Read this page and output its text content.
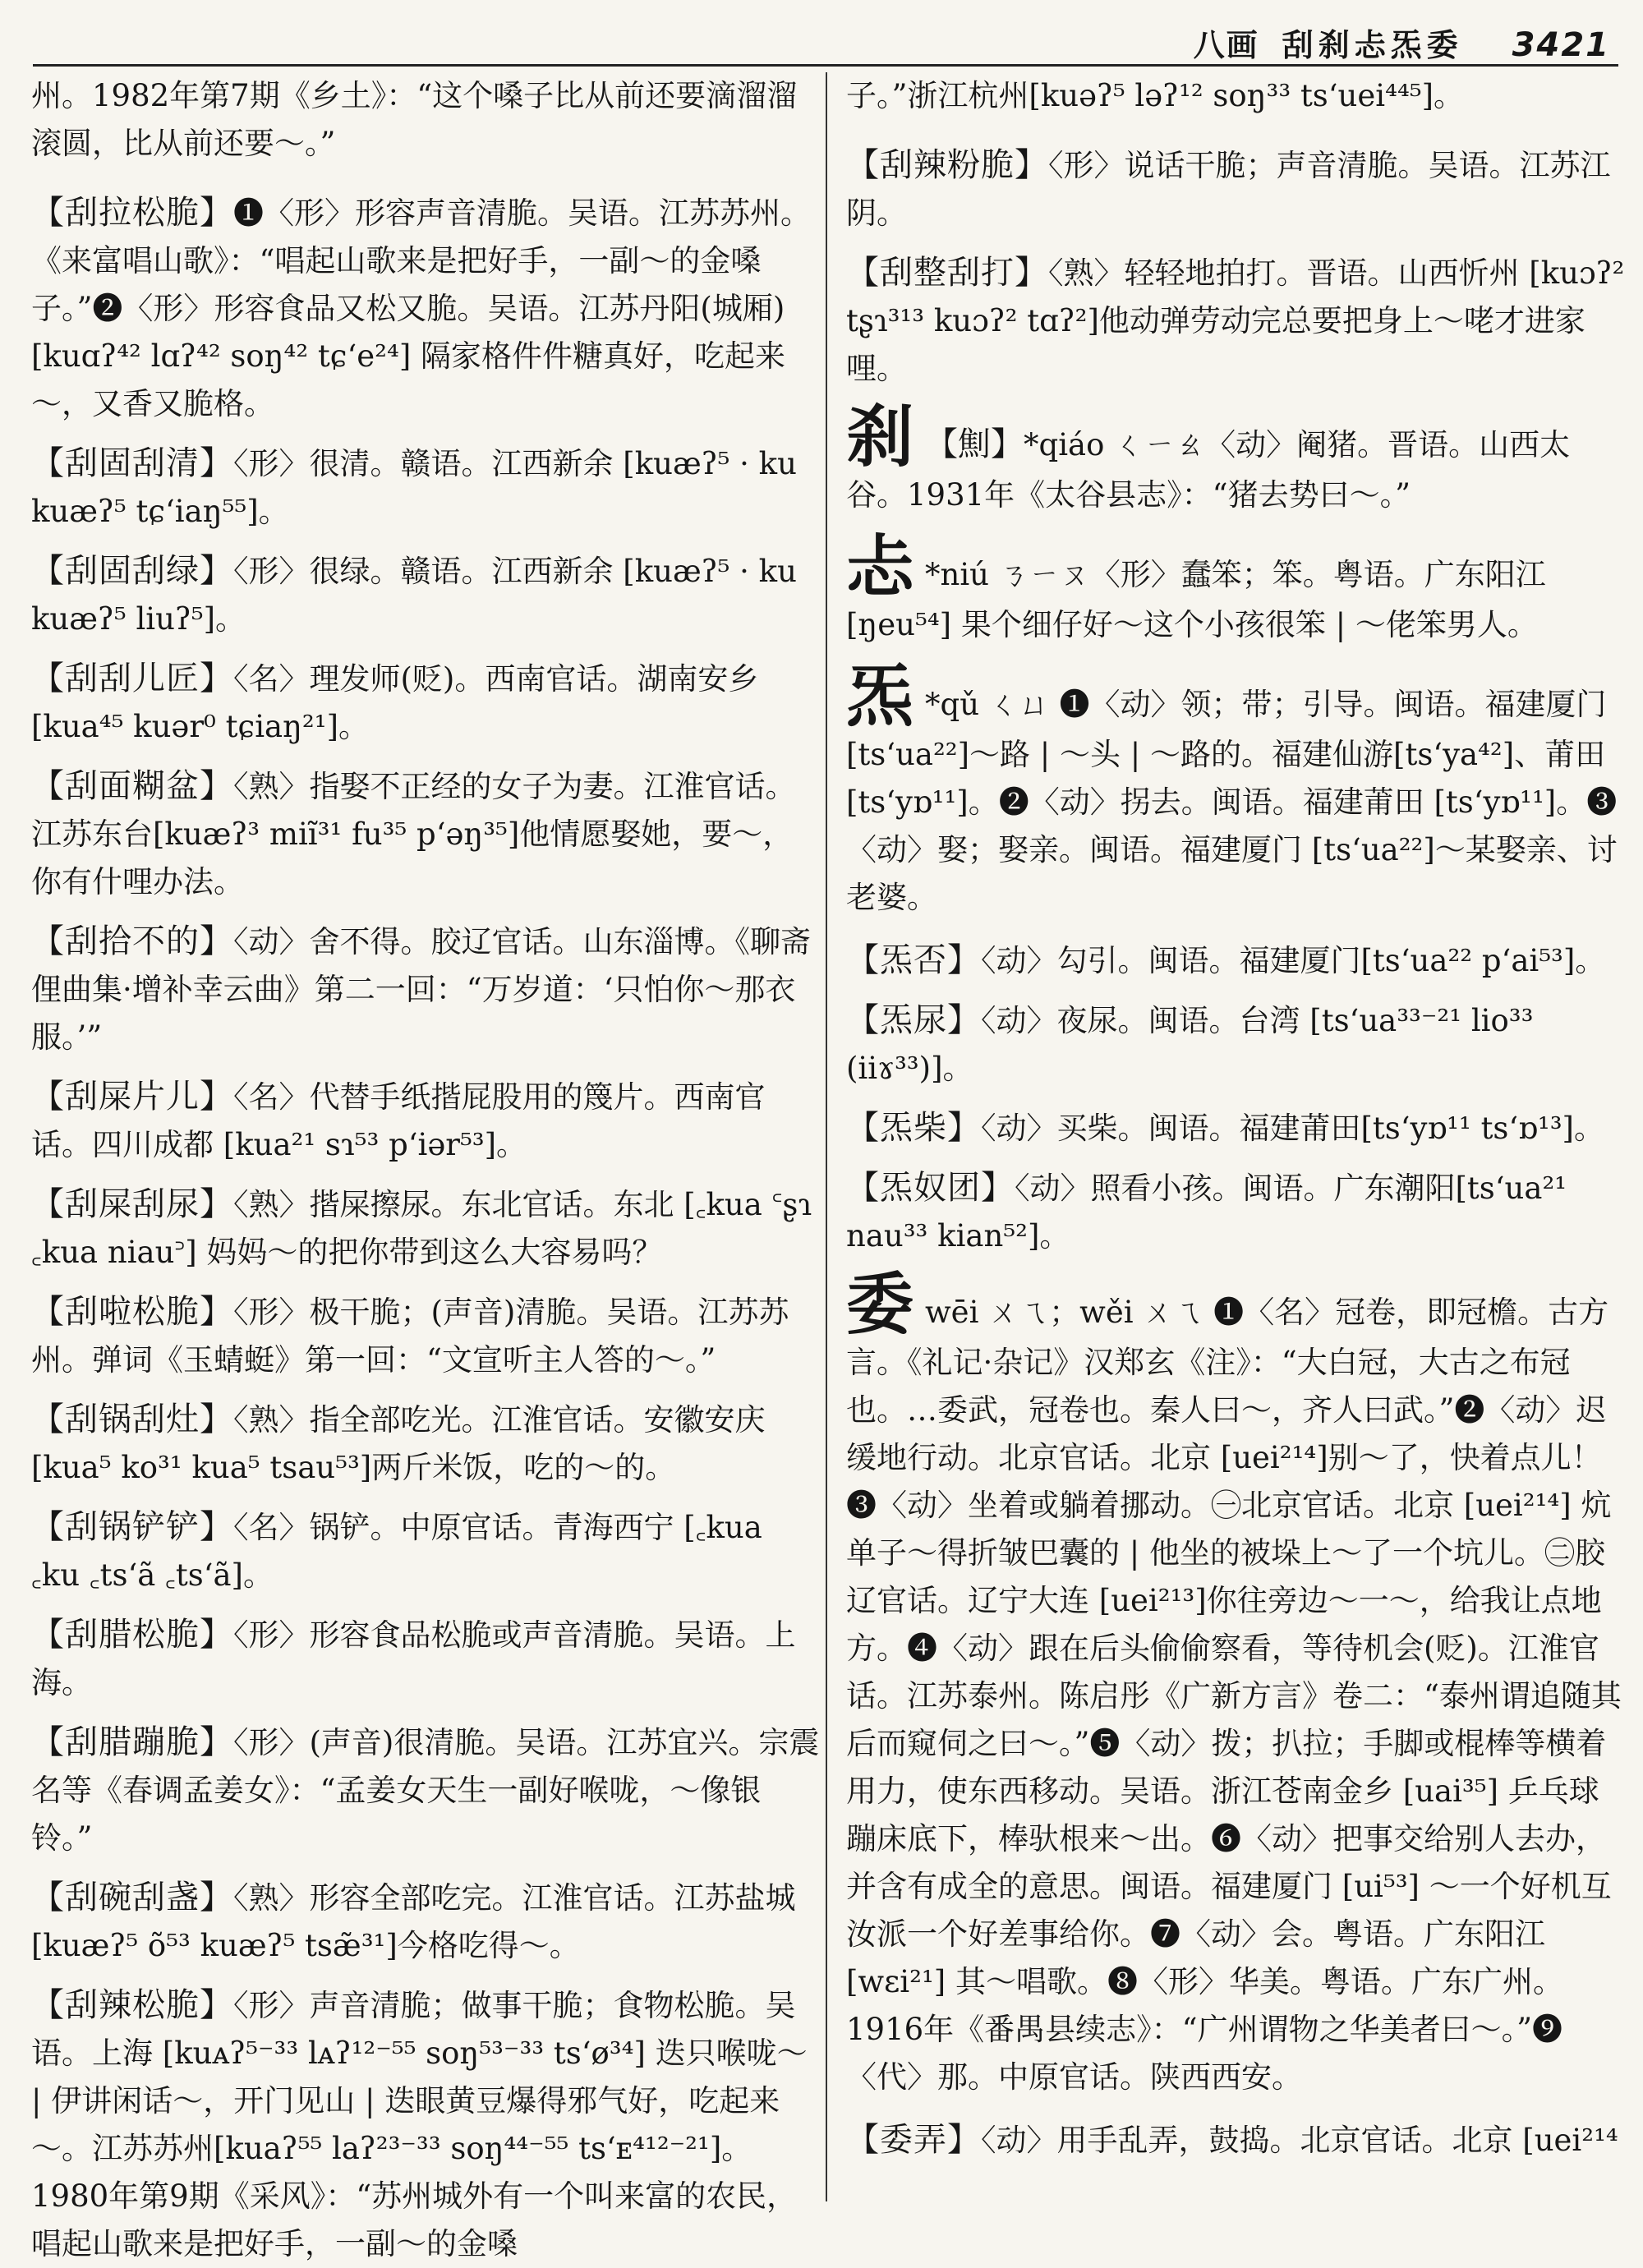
八画 刮刹忐炁委 3421

州。1982年第7期《乡土》：“这个嗓子比从前还要滴溜溜滚圆，比从前还要～。”

【刮拉松脆】❶〈形〉形容声音清脆。吴语。江苏苏州。《来富唱山歌》：“唱起山歌来是把好手，一副～的金嗓子。”❷〈形〉形容食品又松又脆。吴语。江苏丹阳(城厢)[kuɑʔ⁴² lɑʔ⁴² soŋ⁴² tɕʻe²⁴] 隔家格件件糖真好，吃起来～，又香又脆格。

【刮固刮清】〈形〉很清。赣语。江西新余 [kuæʔ⁵ · ku kuæʔ⁵ tɕʻiaŋ⁵⁵]。

【刮固刮绿】〈形〉很绿。赣语。江西新余 [kuæʔ⁵ · ku kuæʔ⁵ liuʔ⁵]。

【刮刮儿匠】〈名〉理发师(贬)。西南官话。湖南安乡[kua⁴⁵ kuər⁰ tɕiaŋ²¹]。

【刮面糊盆】〈熟〉指娶不正经的女子为妻。江淮官话。江苏东台[kuæʔ³ miĩ³¹ fu³⁵ pʻəŋ³⁵]他情愿娶她，要～，你有什哩办法。

【刮拾不的】〈动〉舍不得。胶辽官话。山东淄博。《聊斋俚曲集·增补幸云曲》第二一回：“万岁道：‘只怕你～那衣服。’”

【刮屎片儿】〈名〉代替手纸揩屁股用的篾片。西南官话。四川成都 [kua²¹ sɿ⁵³ pʻiər⁵³]。

【刮屎刮尿】〈熟〉揩屎擦尿。东北官话。东北 [꜀kua ꜂ʂɿ ꜀kua niau꜄] 妈妈～的把你带到这么大容易吗？

【刮啦松脆】〈形〉极干脆；(声音)清脆。吴语。江苏苏州。弹词《玉蜻蜓》第一回：“文宣听主人答的～。”

【刮锅刮灶】〈熟〉指全部吃光。江淮官话。安徽安庆[kua⁵ ko³¹ kua⁵ tsau⁵³]两斤米饭，吃的～的。

【刮锅铲铲】〈名〉锅铲。中原官话。青海西宁 [꜀kua ꜀ku ꜀tsʻã ꜀tsʻã]。

【刮腊松脆】〈形〉形容食品松脆或声音清脆。吴语。上海。

【刮腊蹦脆】〈形〉(声音)很清脆。吴语。江苏宜兴。宗震名等《春调孟姜女》：“孟姜女天生一副好喉咙，～像银铃。”

【刮碗刮盏】〈熟〉形容全部吃完。江淮官话。江苏盐城[kuæʔ⁵ õ⁵³ kuæʔ⁵ tsæ̃³¹]今格吃得～。

【刮辣松脆】〈形〉声音清脆；做事干脆；食物松脆。吴语。上海 [kuᴀʔ⁵⁻³³ lᴀʔ¹²⁻⁵⁵ soŋ⁵³⁻³³ tsʻø³⁴] 迭只喉咙～ | 伊讲闲话～，开门见山 | 迭眼黄豆爆得邪气好，吃起来～。江苏苏州[kuaʔ⁵⁵ laʔ²³⁻³³ soŋ⁴⁴⁻⁵⁵ tsʻᴇ⁴¹²⁻²¹]。1980年第9期《采风》：“苏州城外有一个叫来富的农民，唱起山歌来是把好手，一副～的金嗓

子。”浙江杭州[kuəʔ⁵ ləʔ¹² soŋ³³ tsʻuei⁴⁴⁵]。

【刮辣粉脆】〈形〉说话干脆；声音清脆。吴语。江苏江阴。

【刮整刮打】〈熟〉轻轻地拍打。晋语。山西忻州 [kuɔʔ² tʂɿ³¹³ kuɔʔ² tɑʔ²]他动弹劳动完总要把身上～咾才进家哩。

刹 【劁】*qiáo ㄑㄧㄠ〈动〉阉猪。晋语。山西太谷。1931年《太谷县志》：“猪去势曰～。”

忐 *niú ㄋㄧㄡ〈形〉蠢笨；笨。粤语。广东阳江 [ŋeu⁵⁴] 果个细仔好～这个小孩很笨 | ～佬笨男人。

炁 *qǔ ㄑㄩ ❶〈动〉领；带；引导。闽语。福建厦门 [tsʻua²²]～路 | ～头 | ～路的。福建仙游[tsʻya⁴²]、莆田 [tsʻyɒ¹¹]。❷〈动〉拐去。闽语。福建莆田 [tsʻyɒ¹¹]。❸〈动〉娶；娶亲。闽语。福建厦门 [tsʻua²²]～某娶亲、讨老婆。

【炁否】〈动〉勾引。闽语。福建厦门[tsʻua²² pʻai⁵³]。

【炁尿】〈动〉夜尿。闽语。台湾 [tsʻua³³⁻²¹ lio³³ (iiɤ³³)]。

【炁柴】〈动〉买柴。闽语。福建莆田[tsʻyɒ¹¹ tsʻɒ¹³]。

【炁奴团】〈动〉照看小孩。闽语。广东潮阳[tsʻua²¹ nau³³ kian⁵²]。

委wēi ㄨㄟ；wěi ㄨㄟ ❶〈名〉冠卷，即冠檐。古方言。《礼记·杂记》汉郑玄《注》：“大白冠，大古之布冠也。…委武，冠卷也。秦人曰～，齐人曰武。”❷〈动〉迟缓地行动。北京官话。北京 [uei²¹⁴]别～了，快着点儿！❸〈动〉坐着或躺着挪动。㊀北京官话。北京 [uei²¹⁴] 炕单子～得折皱巴囊的 | 他坐的被垛上～了一个坑儿。㊁胶辽官话。辽宁大连 [uei²¹³]你往旁边～一～，给我让点地方。❹〈动〉跟在后头偷偷察看，等待机会(贬)。江淮官话。江苏泰州。陈启彤《广新方言》卷二：“泰州谓追随其后而窥伺之曰～。”❺〈动〉拨；扒拉；手脚或棍棒等横着用力，使东西移动。吴语。浙江苍南金乡 [uai³⁵] 乒乓球蹦床底下，棒驮根来～出。❻〈动〉把事交给别人去办，并含有成全的意思。闽语。福建厦门 [ui⁵³] ～一个好机互汝派一个好差事给你。❼〈动〉会。粤语。广东阳江 [wɛi²¹] 其～唱歌。❽〈形〉华美。粤语。广东广州。1916年《番禺县续志》：“广州谓物之华美者曰～。”❾〈代〉那。中原官话。陕西西安。

【委弄】〈动〉用手乱弄，鼓捣。北京官话。北京 [uei²¹⁴
